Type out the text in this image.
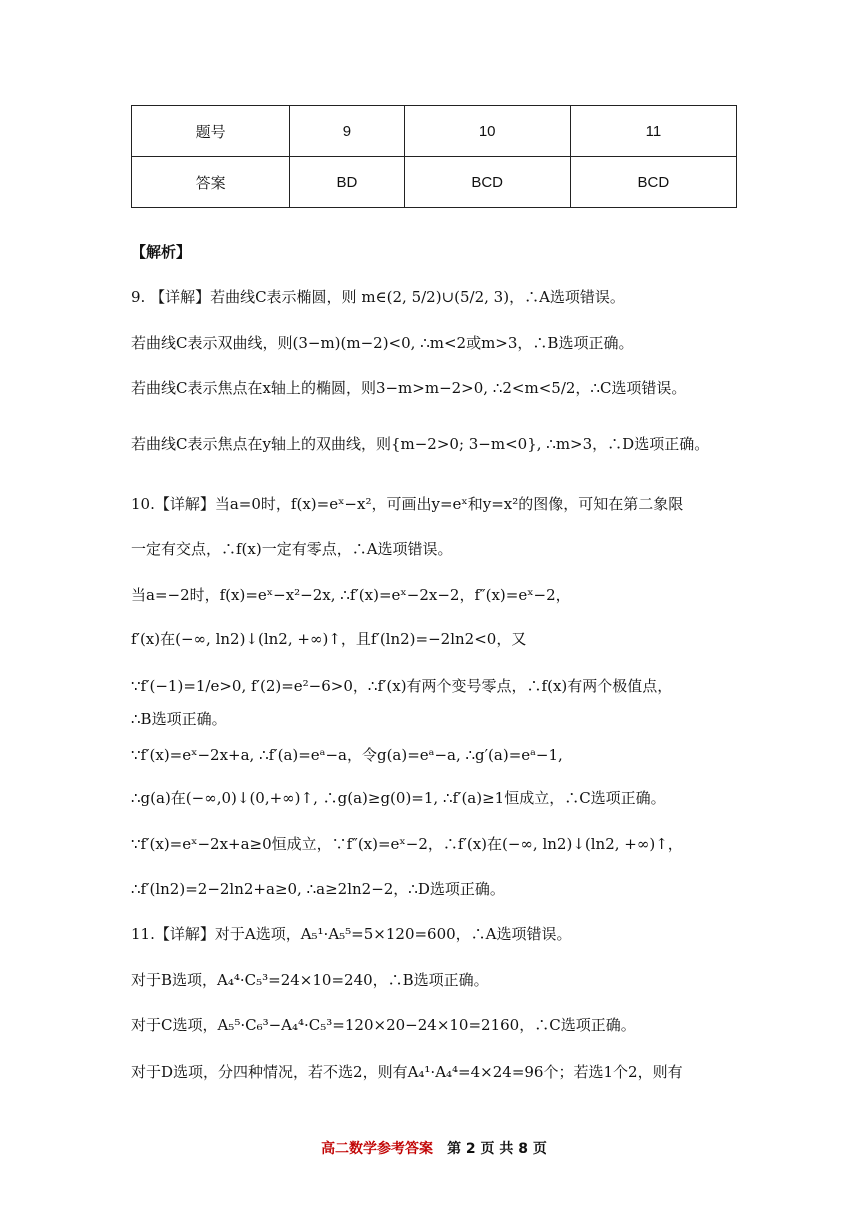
题号	9	10	11
答案	BD	BCD	BCD
【解析】
9. 【详解】若曲线C表示椭圆，则 m∈(2, 5/2)∪(5/2, 3)，∴A选项错误。
若曲线C表示双曲线，则(3−m)(m−2)<0, ∴m<2或m>3，∴B选项正确。
若曲线C表示焦点在x轴上的椭圆，则3−m>m−2>0, ∴2<m<5/2，∴C选项错误。
若曲线C表示焦点在y轴上的双曲线，则{m−2>0; 3−m<0}, ∴m>3，∴D选项正确。
10.【详解】当a=0时，f(x)=eˣ−x²，可画出y=eˣ和y=x²的图像，可知在第二象限
一定有交点，∴f(x)一定有零点，∴A选项错误。
当a=−2时，f(x)=eˣ−x²−2x, ∴f′(x)=eˣ−2x−2，f″(x)=eˣ−2，
f′(x)在(−∞, ln2)↓(ln2, +∞)↑，且f′(ln2)=−2ln2<0，又
∵f′(−1)=1/e>0, f′(2)=e²−6>0，∴f′(x)有两个变号零点，∴f(x)有两个极值点，
∴B选项正确。
∵f′(x)=eˣ−2x+a, ∴f′(a)=eᵃ−a，令g(a)=eᵃ−a, ∴g′(a)=eᵃ−1,
∴g(a)在(−∞,0)↓(0,+∞)↑, ∴g(a)≥g(0)=1, ∴f′(a)≥1恒成立，∴C选项正确。
∵f′(x)=eˣ−2x+a≥0恒成立，∵f″(x)=eˣ−2，∴f′(x)在(−∞, ln2)↓(ln2, +∞)↑，
∴f′(ln2)=2−2ln2+a≥0, ∴a≥2ln2−2，∴D选项正确。
11.【详解】对于A选项，A₅¹·A₅⁵=5×120=600，∴A选项错误。
对于B选项，A₄⁴·C₅³=24×10=240，∴B选项正确。
对于C选项，A₅⁵·C₆³−A₄⁴·C₅³=120×20−24×10=2160，∴C选项正确。
对于D选项，分四种情况，若不选2，则有A₄¹·A₄⁴=4×24=96个；若选1个2，则有
高二数学参考答案 第 2 页 共 8 页
